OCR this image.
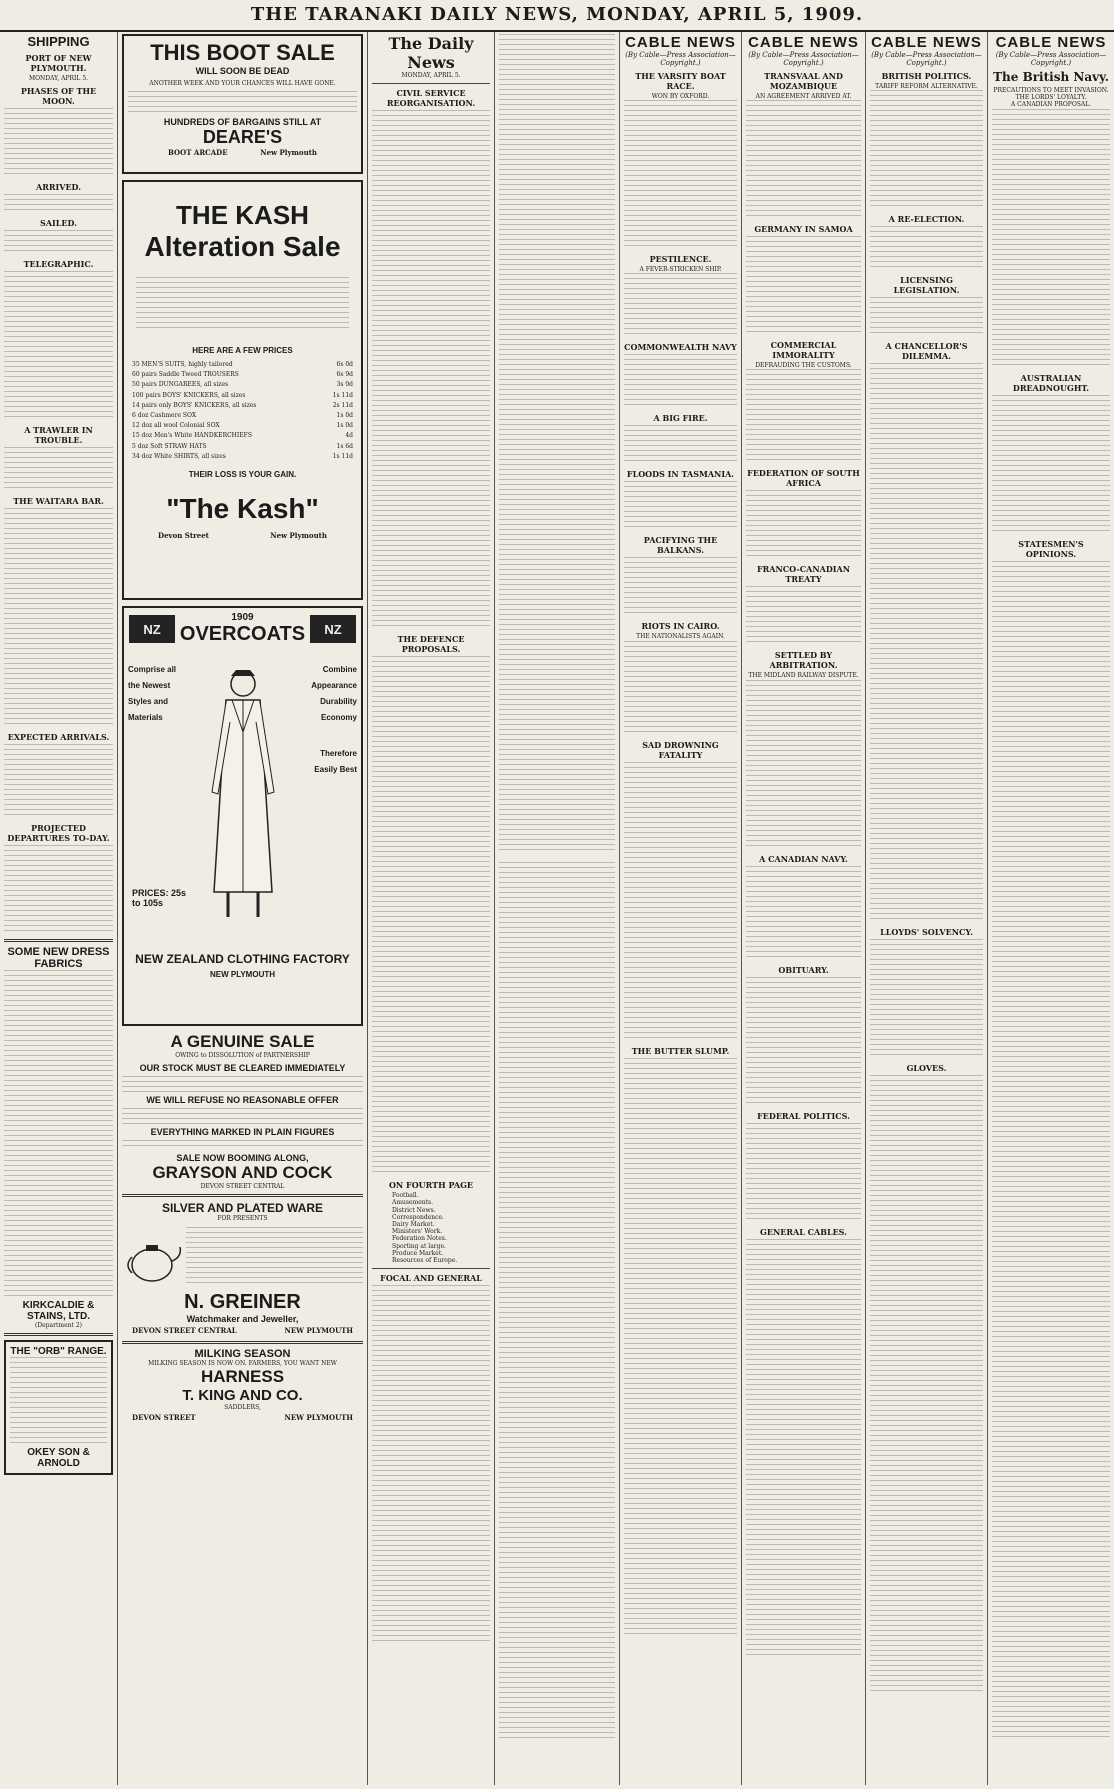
THE TARANAKI DAILY NEWS, MONDAY, APRIL 5, 1909.
SHIPPING
PORT OF NEW PLYMOUTH.
MONDAY, APRIL 5.
PHASES OF THE MOON.
ARRIVED.
SAILED.
TELEGRAPHIC.
A TRAWLER IN TROUBLE.
THE WAITARA BAR.
EXPECTED ARRIVALS.
PROJECTED DEPARTURES TO-DAY.
SOME NEW DRESS FABRICS
KIRKCALDIE & STAINS, LTD.
(Department 2)
THE "ORB" RANGE.
OKEY SON & ARNOLD
THIS BOOT SALE
WILL SOON BE DEAD
ANOTHER WEEK AND YOUR CHANCES WILL HAVE GONE.
HUNDREDS OF BARGAINS STILL AT
DEARE'S
BOOT ARCADE	New Plymouth
THE KASH
Alteration Sale
HERE ARE A FEW PRICES
35 MEN'S SUITS, highly tailored	6s 0d
60 pairs Saddle Tweed TROUSERS	6s 9d
50 pairs DUNGAREES, all sizes	3s 0d
100 pairs BOYS' KNICKERS, all sizes	1s 11d
14 pairs only BOYS' KNICKERS, all sizes	2s 11d
6 doz Cashmere SOX	1s 0d
12 doz all wool Colonial SOX	1s 0d
15 doz Men's White HANDKERCHIEFS	4d
5 doz Soft STRAW HATS	1s 6d
34 doz White SHIRTS, all sizes	1s 11d
THEIR LOSS IS YOUR GAIN.
"The Kash"
Devon Street	New Plymouth
NZ
1909
OVERCOATS NZ
Comprise all the Newest Styles and Materials
Combine Appearance Durability Economy
Therefore Easily Best
PRICES: 25s to 105s
NEW ZEALAND CLOTHING FACTORY
NEW PLYMOUTH
A GENUINE SALE
OWING to DISSOLUTION of PARTNERSHIP
OUR STOCK MUST BE CLEARED IMMEDIATELY
WE WILL REFUSE NO REASONABLE OFFER
EVERYTHING MARKED IN PLAIN FIGURES
SALE NOW BOOMING ALONG,
GRAYSON AND COCK
DEVON STREET CENTRAL
SILVER AND PLATED WARE
FOR PRESENTS
N. GREINER
Watchmaker and Jeweller,
DEVON STREET CENTRAL	NEW PLYMOUTH
MILKING SEASON
MILKING SEASON IS NOW ON. FARMERS, YOU WANT NEW
HARNESS
T. KING AND CO.
SADDLERS,
DEVON STREET	NEW PLYMOUTH
The Daily News
MONDAY, APRIL 5.
CIVIL SERVICE REORGANISATION.
THE DEFENCE PROPOSALS.
ON FOURTH PAGE
Football.
Amusements.
District News.
Correspondence.
Dairy Market.
Ministers' Work.
Federation Notes.
Sporting at large.
Produce Market.
Resources of Europe.
FOCAL AND GENERAL
CABLE NEWS
(By Cable—Press Association—Copyright.)
THE VARSITY BOAT RACE.
WON BY OXFORD.
PESTILENCE.
A FEVER-STRICKEN SHIP.
COMMONWEALTH NAVY
A BIG FIRE.
FLOODS IN TASMANIA.
PACIFYING THE BALKANS.
RIOTS IN CAIRO.
THE NATIONALISTS AGAIN.
SAD DROWNING FATALITY
THE BUTTER SLUMP.
CABLE NEWS
(By Cable—Press Association—Copyright.)
TRANSVAAL AND MOZAMBIQUE
AN AGREEMENT ARRIVED AT.
GERMANY IN SAMOA
COMMERCIAL IMMORALITY
DEFRAUDING THE CUSTOMS.
FEDERATION OF SOUTH AFRICA
FRANCO-CANADIAN TREATY
SETTLED BY ARBITRATION.
THE MIDLAND RAILWAY DISPUTE.
A CANADIAN NAVY.
OBITUARY.
FEDERAL POLITICS.
GENERAL CABLES.
CABLE NEWS
(By Cable—Press Association—Copyright.)
BRITISH POLITICS.
TARIFF REFORM ALTERNATIVE.
A RE-ELECTION.
LICENSING LEGISLATION.
A CHANCELLOR'S DILEMMA.
LLOYDS' SOLVENCY.
GLOVES.
CABLE NEWS
(By Cable—Press Association—Copyright.)
The British Navy.
PRECAUTIONS TO MEET INVASION.
THE LORDS' LOYALTY.
A CANADIAN PROPOSAL.
AUSTRALIAN DREADNOUGHT.
STATESMEN'S OPINIONS.
